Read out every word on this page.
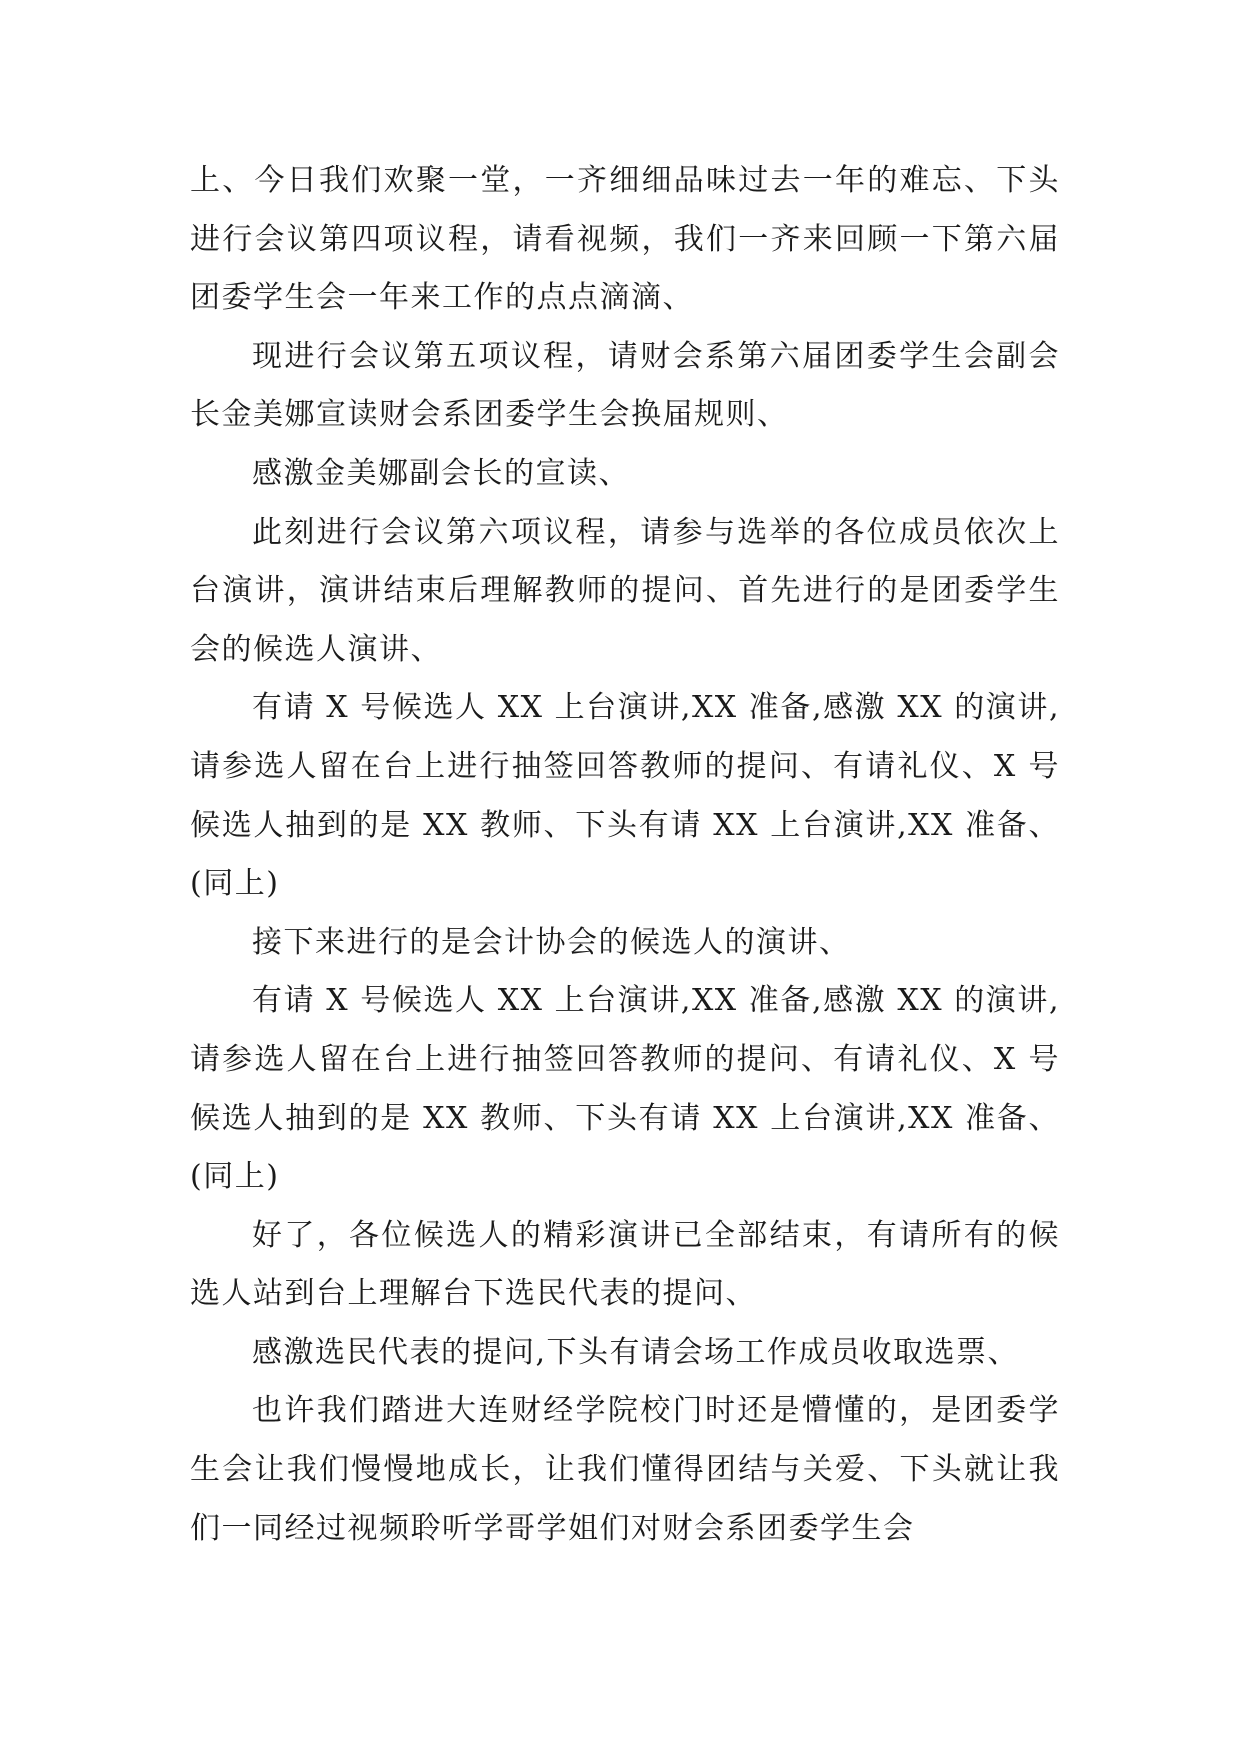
上、今日我们欢聚一堂，一齐细细品味过去一年的难忘、下头进行会议第四项议程，请看视频，我们一齐来回顾一下第六届团委学生会一年来工作的点点滴滴、

现进行会议第五项议程，请财会系第六届团委学生会副会长金美娜宣读财会系团委学生会换届规则、

感激金美娜副会长的宣读、

此刻进行会议第六项议程，请参与选举的各位成员依次上台演讲，演讲结束后理解教师的提问、首先进行的是团委学生会的候选人演讲、

有请 X 号候选人 XX 上台演讲,XX 准备,感激 XX 的演讲,请参选人留在台上进行抽签回答教师的提问、有请礼仪、X 号候选人抽到的是 XX 教师、下头有请 XX 上台演讲,XX 准备、(同上)

接下来进行的是会计协会的候选人的演讲、

有请 X 号候选人 XX 上台演讲,XX 准备,感激 XX 的演讲,请参选人留在台上进行抽签回答教师的提问、有请礼仪、X 号候选人抽到的是 XX 教师、下头有请 XX 上台演讲,XX 准备、(同上)

好了，各位候选人的精彩演讲已全部结束，有请所有的候选人站到台上理解台下选民代表的提问、

感激选民代表的提问,下头有请会场工作成员收取选票、

也许我们踏进大连财经学院校门时还是懵懂的，是团委学生会让我们慢慢地成长，让我们懂得团结与关爱、下头就让我们一同经过视频聆听学哥学姐们对财会系团委学生会
